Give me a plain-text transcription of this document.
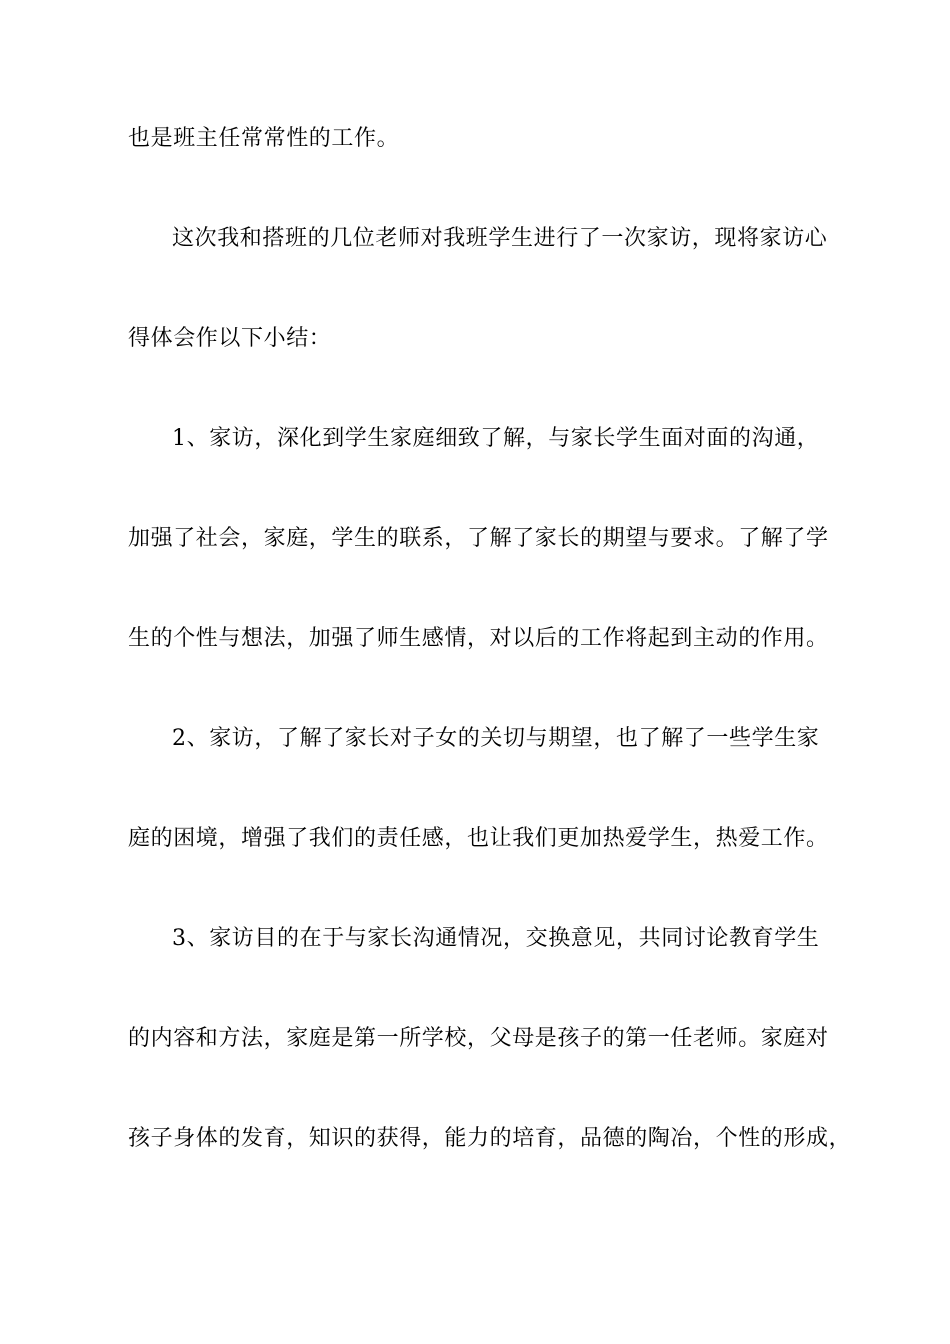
也是班主任常常性的工作。
这次我和搭班的几位老师对我班学生进行了一次家访，现将家访心
得体会作以下小结：
1、家访，深化到学生家庭细致了解，与家长学生面对面的沟通，
加强了社会，家庭，学生的联系，了解了家长的期望与要求。了解了学
生的个性与想法，加强了师生感情，对以后的工作将起到主动的作用。
2、家访，了解了家长对子女的关切与期望，也了解了一些学生家
庭的困境，增强了我们的责任感，也让我们更加热爱学生，热爱工作。
3、家访目的在于与家长沟通情况，交换意见，共同讨论教育学生
的内容和方法，家庭是第一所学校，父母是孩子的第一任老师。家庭对
孩子身体的发育，知识的获得，能力的培育，品德的陶冶，个性的形成，
